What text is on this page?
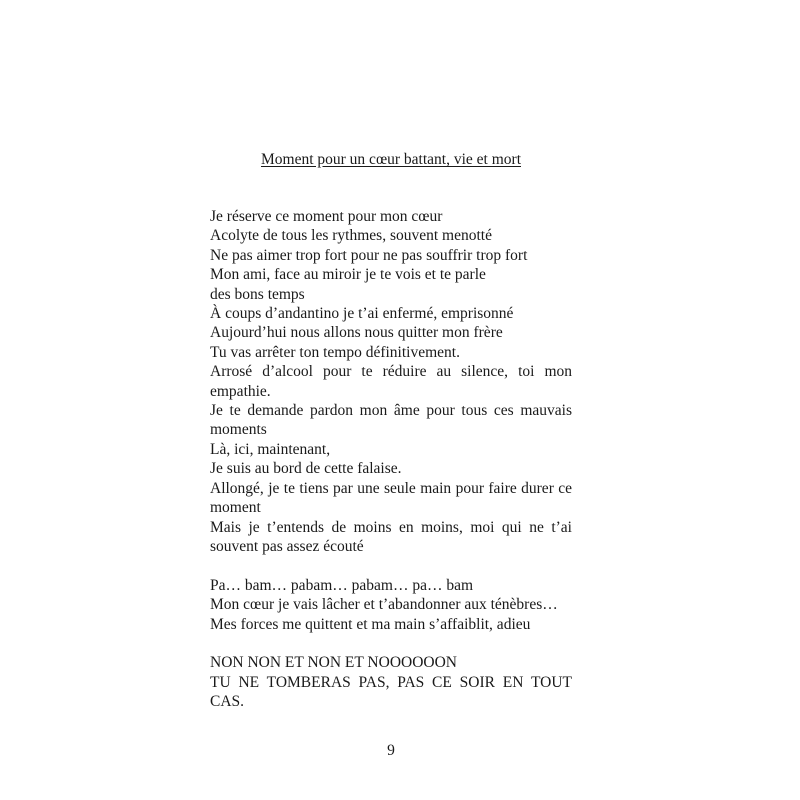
Moment pour un cœur battant, vie et mort
Je réserve ce moment pour mon cœur
Acolyte de tous les rythmes, souvent menotté
Ne pas aimer trop fort pour ne pas souffrir trop fort
Mon ami, face au miroir je te vois et te parle des bons temps
À coups d’andantino je t’ai enfermé, emprisonné
Aujourd’hui nous allons nous quitter mon frère
Tu vas arrêter ton tempo définitivement.
Arrosé d’alcool pour te réduire au silence, toi mon empathie.
Je te demande pardon mon âme pour tous ces mauvais moments
Là, ici, maintenant,
Je suis au bord de cette falaise.
Allongé, je te tiens par une seule main pour faire durer ce moment
Mais je t’entends de moins en moins, moi qui ne t’ai souvent pas assez écouté
Pa… bam… pabam… pabam… pa… bam
Mon cœur je vais lâcher et t’abandonner aux ténèbres…
Mes forces me quittent et ma main s’affaiblit, adieu
NON NON ET NON ET NOOOOOON
TU NE TOMBERAS PAS, PAS CE SOIR EN TOUT CAS.
9
